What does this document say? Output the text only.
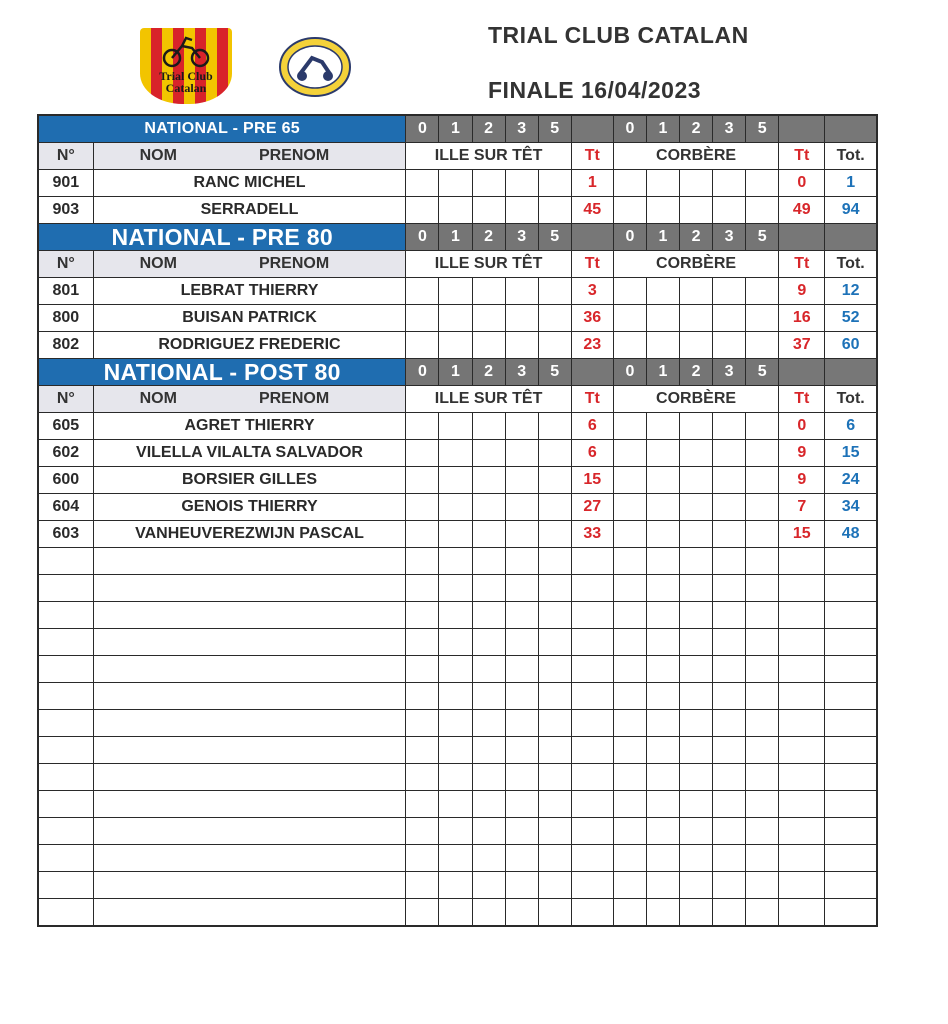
Trial Club Catalan
TRIAL CLUB CATALAN
FINALE 16/04/2023
NATIONAL - PRE 65		0	1	2	3	5		0	1	2	3	5		
N°	NOM PRENOM	ILLE SUR TÊT					Tt	CORBÈRE					Tt	Tot.
901	RANC MICHEL						1						0	1
903	SERRADELL						45						49	94
NATIONAL - PRE 80		0	1	2	3	5		0	1	2	3	5		
N°	NOM PRENOM	ILLE SUR TÊT					Tt	CORBÈRE					Tt	Tot.
801	LEBRAT THIERRY						3						9	12
800	BUISAN PATRICK						36						16	52
802	RODRIGUEZ FREDERIC						23						37	60
NATIONAL - POST 80		0	1	2	3	5		0	1	2	3	5		
N°	NOM PRENOM	ILLE SUR TÊT					Tt	CORBÈRE					Tt	Tot.
605	AGRET THIERRY						6						0	6
602	VILELLA VILALTA SALVADOR						6						9	15
600	BORSIER GILLES						15						9	24
604	GENOIS THIERRY						27						7	34
603	VANHEUVEREZWIJN PASCAL						33						15	48
